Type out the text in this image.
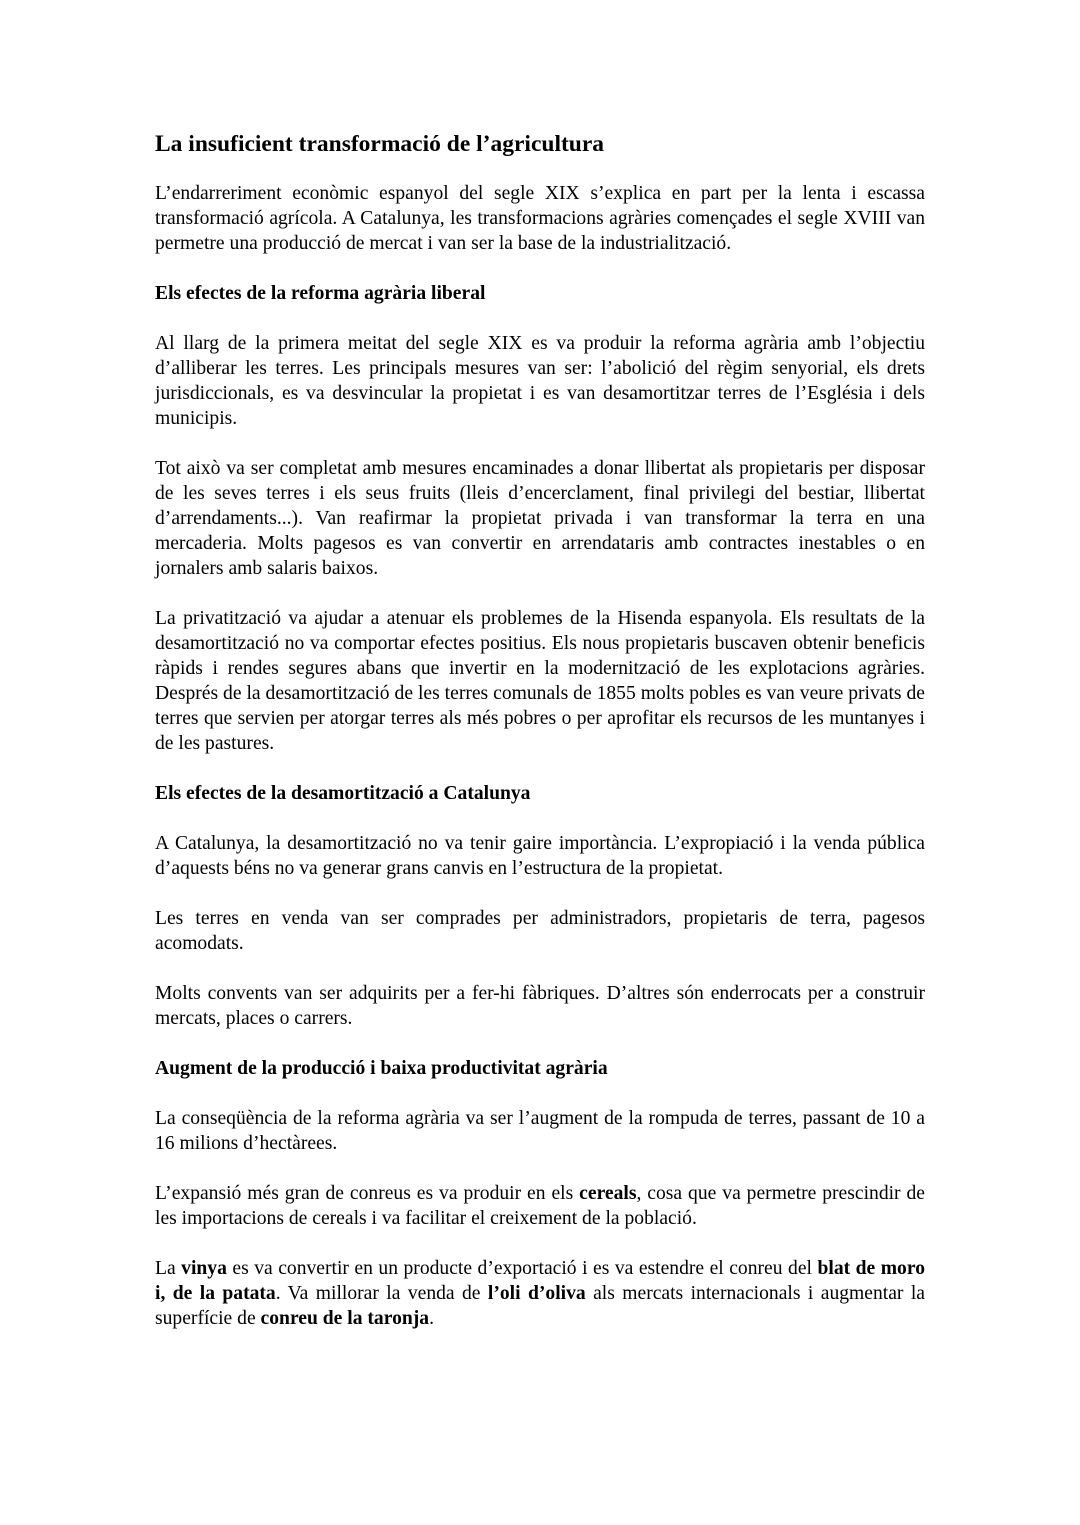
La insuficient transformació de l’agricultura

L’endarreriment econòmic espanyol del segle XIX s’explica en part per la lenta i escassa transformació agrícola. A Catalunya, les transformacions agràries començades el segle XVIII van permetre una producció de mercat i van ser la base de la industrialització.

Els efectes de la reforma agrària liberal

Al llarg de la primera meitat del segle XIX es va produir la reforma agrària amb l’objectiu d’alliberar les terres. Les principals mesures van ser: l’abolició del règim senyorial, els drets jurisdiccionals, es va desvincular la propietat i es van desamortitzar terres de l’Església i dels municipis.

Tot això va ser completat amb mesures encaminades a donar llibertat als propietaris per disposar de les seves terres i els seus fruits (lleis d’encerclament, final privilegi del bestiar, llibertat d’arrendaments...). Van reafirmar la propietat privada i van transformar la terra en una mercaderia. Molts pagesos es van convertir en arrendataris amb contractes inestables o en jornalers amb salaris baixos.

La privatització va ajudar a atenuar els problemes de la Hisenda espanyola. Els resultats de la desamortització no va comportar efectes positius. Els nous propietaris buscaven obtenir beneficis ràpids i rendes segures abans que invertir en la modernització de les explotacions agràries. Després de la desamortització de les terres comunals de 1855 molts pobles es van veure privats de terres que servien per atorgar terres als més pobres o per aprofitar els recursos de les muntanyes i de les pastures.

Els efectes de la desamortització a Catalunya

A Catalunya, la desamortització no va tenir gaire importància. L’expropiació i la venda pública d’aquests béns no va generar grans canvis en l’estructura de la propietat.

Les terres en venda van ser comprades per administradors, propietaris de terra, pagesos acomodats.

Molts convents van ser adquirits per a fer-hi fàbriques. D’altres són enderrocats per a construir mercats, places o carrers.

Augment de la producció i baixa productivitat agrària

La conseqüència de la reforma agrària va ser l’augment de la rompuda de terres, passant de 10 a 16 milions d’hectàrees.

L’expansió més gran de conreus es va produir en els cereals, cosa que va permetre prescindir de les importacions de cereals i va facilitar el creixement de la població.

La vinya es va convertir en un producte d’exportació i es va estendre el conreu del blat de moro i, de la patata. Va millorar la venda de l’oli d’oliva als mercats internacionals i augmentar la superfície de conreu de la taronja.
